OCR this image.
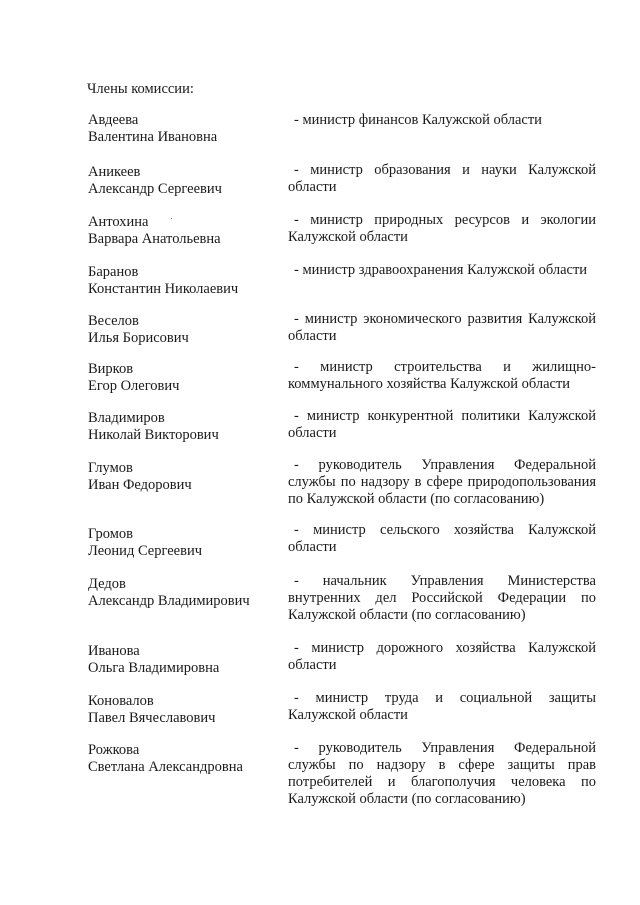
Члены комиссии:
Авдеева
Валентина Ивановна
- министр финансов Калужской области
Аникеев
Александр Сергеевич
- министр образования и науки Калужской области
Антохина
Варвара Анатольевна
- министр природных ресурсов и экологии Калужской области
Баранов
Константин Николаевич
- министр здравоохранения Калужской области
Веселов
Илья Борисович
- министр экономического развития Калужской области
Вирков
Егор Олегович
- министр строительства и жилищно-коммунального хозяйства Калужской области
Владимиров
Николай Викторович
- министр конкурентной политики Калужской области
Глумов
Иван Федорович
- руководитель Управления Федеральной службы по надзору в сфере природопользования по Калужской области (по согласованию)
Громов
Леонид Сергеевич
- министр сельского хозяйства Калужской области
Дедов
Александр Владимирович
- начальник Управления Министерства внутренних дел Российской Федерации по Калужской области (по согласованию)
Иванова
Ольга Владимировна
- министр дорожного хозяйства Калужской области
Коновалов
Павел Вячеславович
- министр труда и социальной защиты Калужской области
Рожкова
Светлана Александровна
- руководитель Управления Федеральной службы по надзору в сфере защиты прав потребителей и благополучия человека по Калужской области (по согласованию)
